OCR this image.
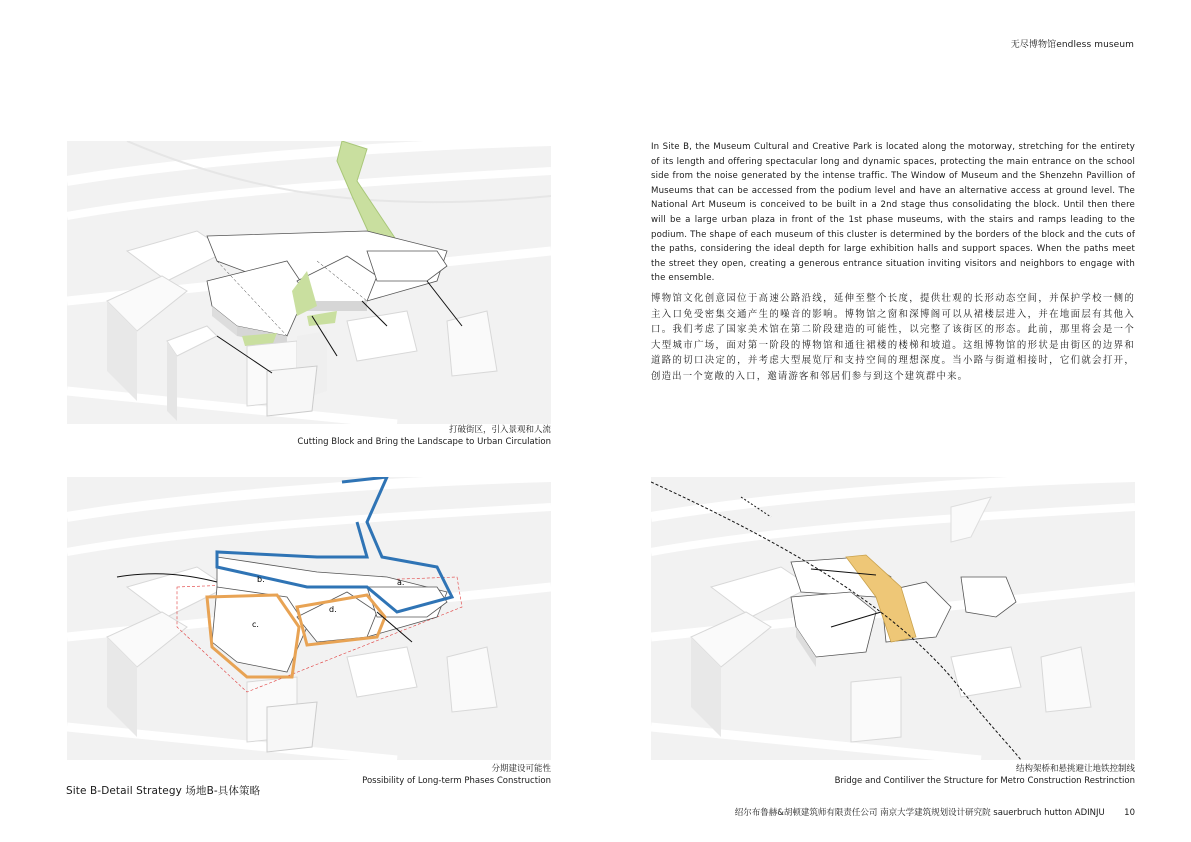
无尽博物馆endless museum
打破街区，引入景观和人流
Cutting Block and Bring the Landscape to Urban Circulation
In Site B, the Museum Cultural and Creative Park is located along the motorway, stretching for the entirety of its length and offering spectacular long and dynamic spaces, protecting the main entrance on the school side from the noise generated by the intense traffic. The Window of Museum and the Shenzehn Pavillion of Museums that can be accessed from the podium level and have an alternative access at ground level. The National Art Museum is conceived to be built in a 2nd stage thus consolidating the block. Until then there will be a large urban plaza in front of the 1st phase museums, with the stairs and ramps leading to the podium. The shape of each museum of this cluster is determined by the borders of the block and the cuts of the paths, considering the ideal depth for large exhibition halls and support spaces. When the paths meet the street they open, creating a generous entrance situation inviting visitors and neighbors to engage with the ensemble.
博物馆文化创意园位于高速公路沿线，延伸至整个长度，提供壮观的长形动态空间，并保护学校一侧的主入口免受密集交通产生的噪音的影响。博物馆之窗和深博阁可以从裙楼层进入，并在地面层有其他入口。我们考虑了国家美术馆在第二阶段建造的可能性，以完整了该街区的形态。此前，那里将会是一个大型城市广场，面对第一阶段的博物馆和通往裙楼的楼梯和坡道。这组博物馆的形状是由街区的边界和道路的切口决定的，并考虑大型展览厅和支持空间的理想深度。当小路与街道相接时，它们就会打开，创造出一个宽敞的入口，邀请游客和邻居们参与到这个建筑群中来。
b.	a.
c.
d.
分期建设可能性
Possibility of Long-term Phases Construction
结构架桥和悬挑避让地铁控制线
Bridge and Contiliver the Structure for Metro Construction Restrinction
Site B-Detail Strategy 场地B-具体策略
绍尔布鲁赫&胡顿建筑师有限责任公司 南京大学建筑规划设计研究院 sauerbruch hutton ADINJU 10
